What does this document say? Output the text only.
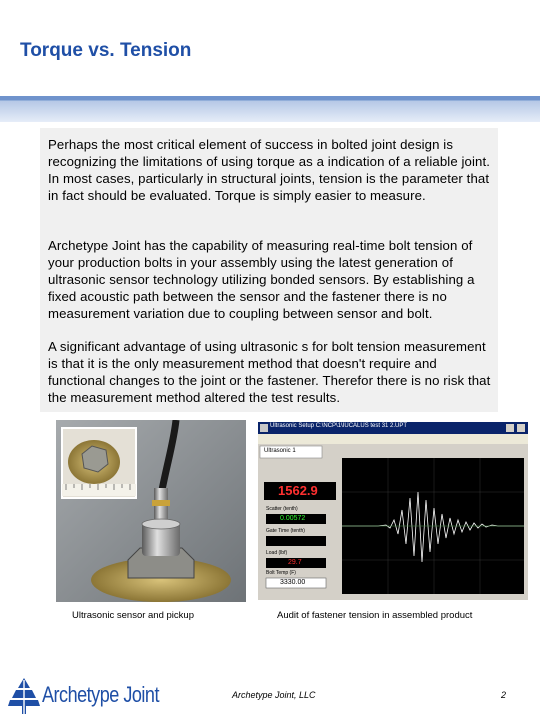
Torque vs. Tension

Perhaps the most critical element of success in bolted joint design is recognizing the limitations of using torque as a indication of a reliable joint. In most cases, particularly in structural joints, tension is the parameter that in fact should be evaluated. Torque is simply easier to measure.

Archetype Joint has the capability of measuring real-time bolt tension of your production bolts in your assembly using the latest generation of ultrasonic sensor technology utilizing bonded sensors. By establishing a fixed acoustic path between the sensor and the fastener there is no measurement variation due to coupling between sensor and bolt.

A significant advantage of using ultrasonic s for bolt tension measurement is that it is the only measurement method that doesn't require and functional changes to the joint or the fastener. Therefor there is no risk that the measurement method altered the test results.

Ultrasonic Setup C:\NCP\1\IUCALUS test 31 2.UPT
Ultrasonic 1
1562.9
Scatter (tenth)
0.00572
Gate Time (tenth)
Load (lbf)
29.7
Bolt Temp (F)
3330.00
Ultrasonic sensor and pickup	Audit of fastener tension in assembled product
Archetype Joint	Archetype Joint, LLC	2
